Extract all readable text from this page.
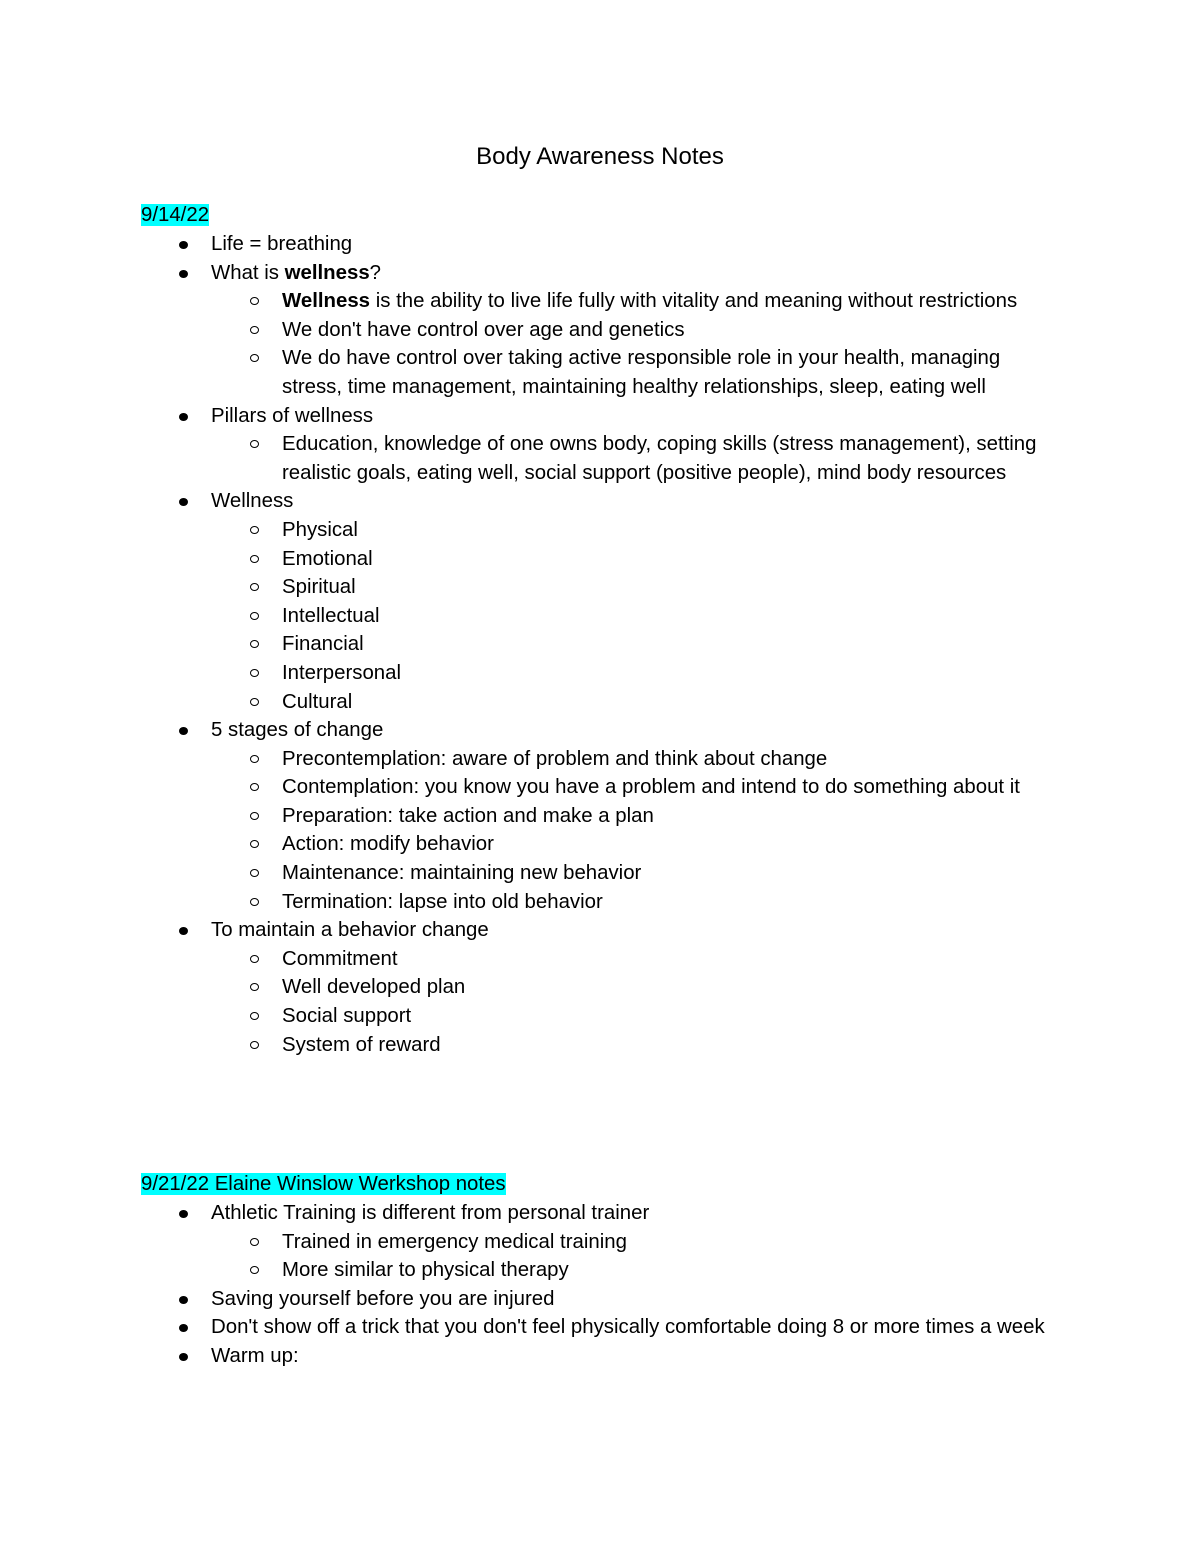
Body Awareness Notes
9/14/22
Life = breathing
What is wellness?
Wellness is the ability to live life fully with vitality and meaning without restrictions
We don't have control over age and genetics
We do have control over taking active responsible role in your health, managing stress, time management, maintaining healthy relationships, sleep, eating well
Pillars of wellness
Education, knowledge of one owns body, coping skills (stress management), setting realistic goals, eating well, social support (positive people), mind body resources
Wellness
Physical
Emotional
Spiritual
Intellectual
Financial
Interpersonal
Cultural
5 stages of change
Precontemplation: aware of problem and think about change
Contemplation: you know you have a problem and intend to do something about it
Preparation: take action and make a plan
Action: modify behavior
Maintenance: maintaining new behavior
Termination: lapse into old behavior
To maintain a behavior change
Commitment
Well developed plan
Social support
System of reward
9/21/22 Elaine Winslow Werkshop notes
Athletic Training is different from personal trainer
Trained in emergency medical training
More similar to physical therapy
Saving yourself before you are injured
Don't show off a trick that you don't feel physically comfortable doing 8 or more times a week
Warm up:
